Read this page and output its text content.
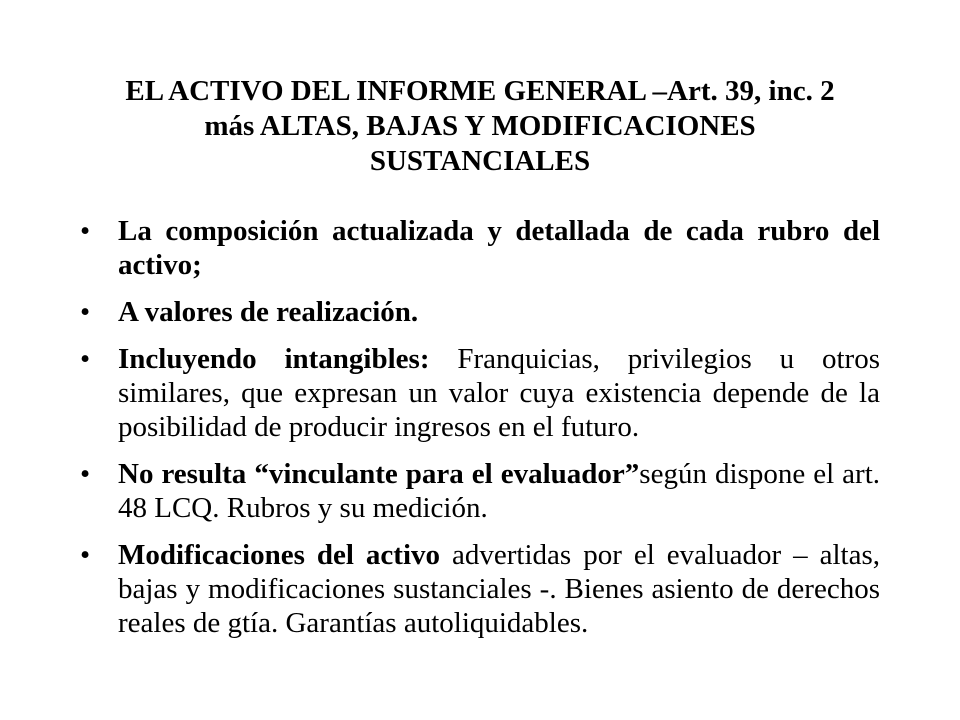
EL ACTIVO DEL INFORME GENERAL –Art. 39, inc. 2
más ALTAS, BAJAS Y MODIFICACIONES
SUSTANCIALES
• La composición actualizada y detallada de cada rubro del activo;
• A valores de realización.
• Incluyendo intangibles: Franquicias, privilegios u otros similares, que expresan un valor cuya existencia depende de la posibilidad de producir ingresos en el futuro.
• No resulta “vinculante para el evaluador”según dispone el art. 48 LCQ. Rubros y su medición.
• Modificaciones del activo advertidas por el evaluador – altas, bajas y modificaciones sustanciales -. Bienes asiento de derechos reales de gtía. Garantías autoliquidables.
